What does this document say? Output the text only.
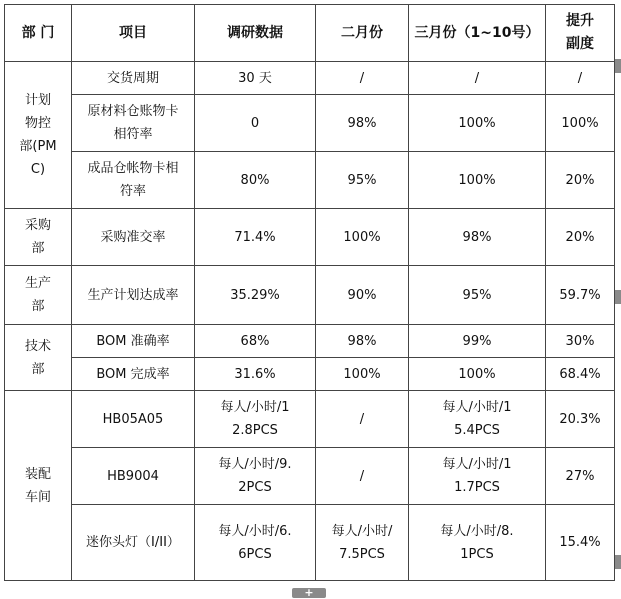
部 门	项目	调研数据	二月份	三月份（1~10号）	提升副度
计划物控部(PMC)	交货周期	30 天	/	/	/
	原材料仓账物卡相符率	0	98%	100%	100%
	成品仓帐物卡相符率	80%	95%	100%	20%
采购部	采购准交率	71.4%	100%	98%	20%
生产部	生产计划达成率	35.29%	90%	95%	59.7%
技术部	BOM 准确率	68%	98%	99%	30%
	BOM 完成率	31.6%	100%	100%	68.4%
装配车间	HB05A05	每人/小时/12.8PCS	/	每人/小时/15.4PCS	20.3%
	HB9004	每人/小时/9.2PCS	/	每人/小时/11.7PCS	27%
	迷你头灯（I/II）	每人/小时/6.6PCS	每人/小时/7.5PCS	每人/小时/8.1PCS	15.4%
+
